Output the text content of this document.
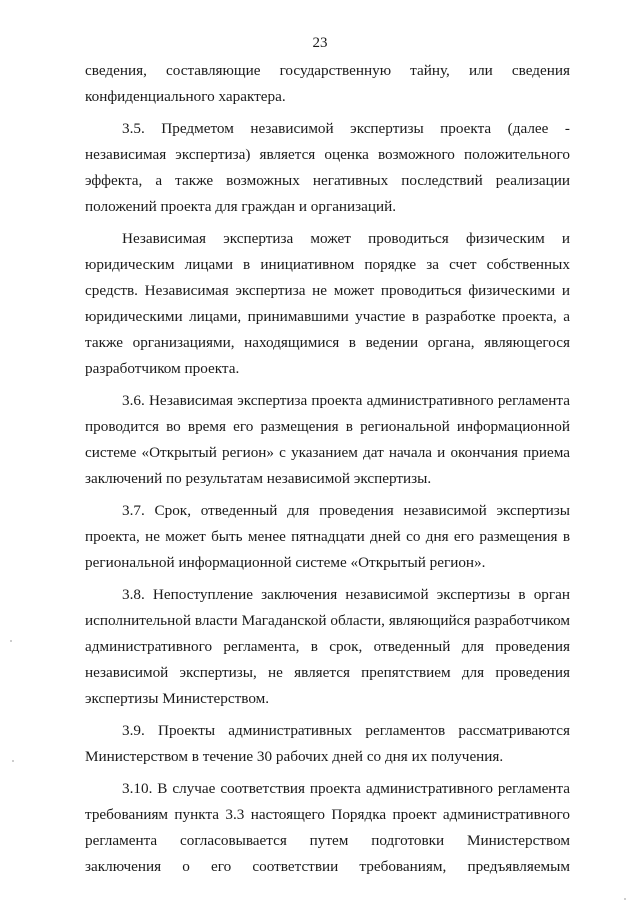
23

сведения, составляющие государственную тайну, или сведения конфиденциального характера.

3.5. Предметом независимой экспертизы проекта (далее - независимая экспертиза) является оценка возможного положительного эффекта, а также возможных негативных последствий реализации положений проекта для граждан и организаций.

Независимая экспертиза может проводиться физическим и юридическим лицами в инициативном порядке за счет собственных средств. Независимая экспертиза не может проводиться физическими и юридическими лицами, принимавшими участие в разработке проекта, а также организациями, находящимися в ведении органа, являющегося разработчиком проекта.

3.6. Независимая экспертиза проекта административного регламента проводится во время его размещения в региональной информационной системе «Открытый регион» с указанием дат начала и окончания приема заключений по результатам независимой экспертизы.

3.7. Срок, отведенный для проведения независимой экспертизы проекта, не может быть менее пятнадцати дней со дня его размещения в региональной информационной системе «Открытый регион».

3.8. Непоступление заключения независимой экспертизы в орган исполнительной власти Магаданской области, являющийся разработчиком административного регламента, в срок, отведенный для проведения независимой экспертизы, не является препятствием для проведения экспертизы Министерством.

3.9. Проекты административных регламентов рассматриваются Министерством в течение 30 рабочих дней со дня их получения.

3.10. В случае соответствия проекта административного регламента требованиям пункта 3.3 настоящего Порядка проект административного регламента согласовывается путем подготовки Министерством заключения о его соответствии требованиям, предъявляемым
